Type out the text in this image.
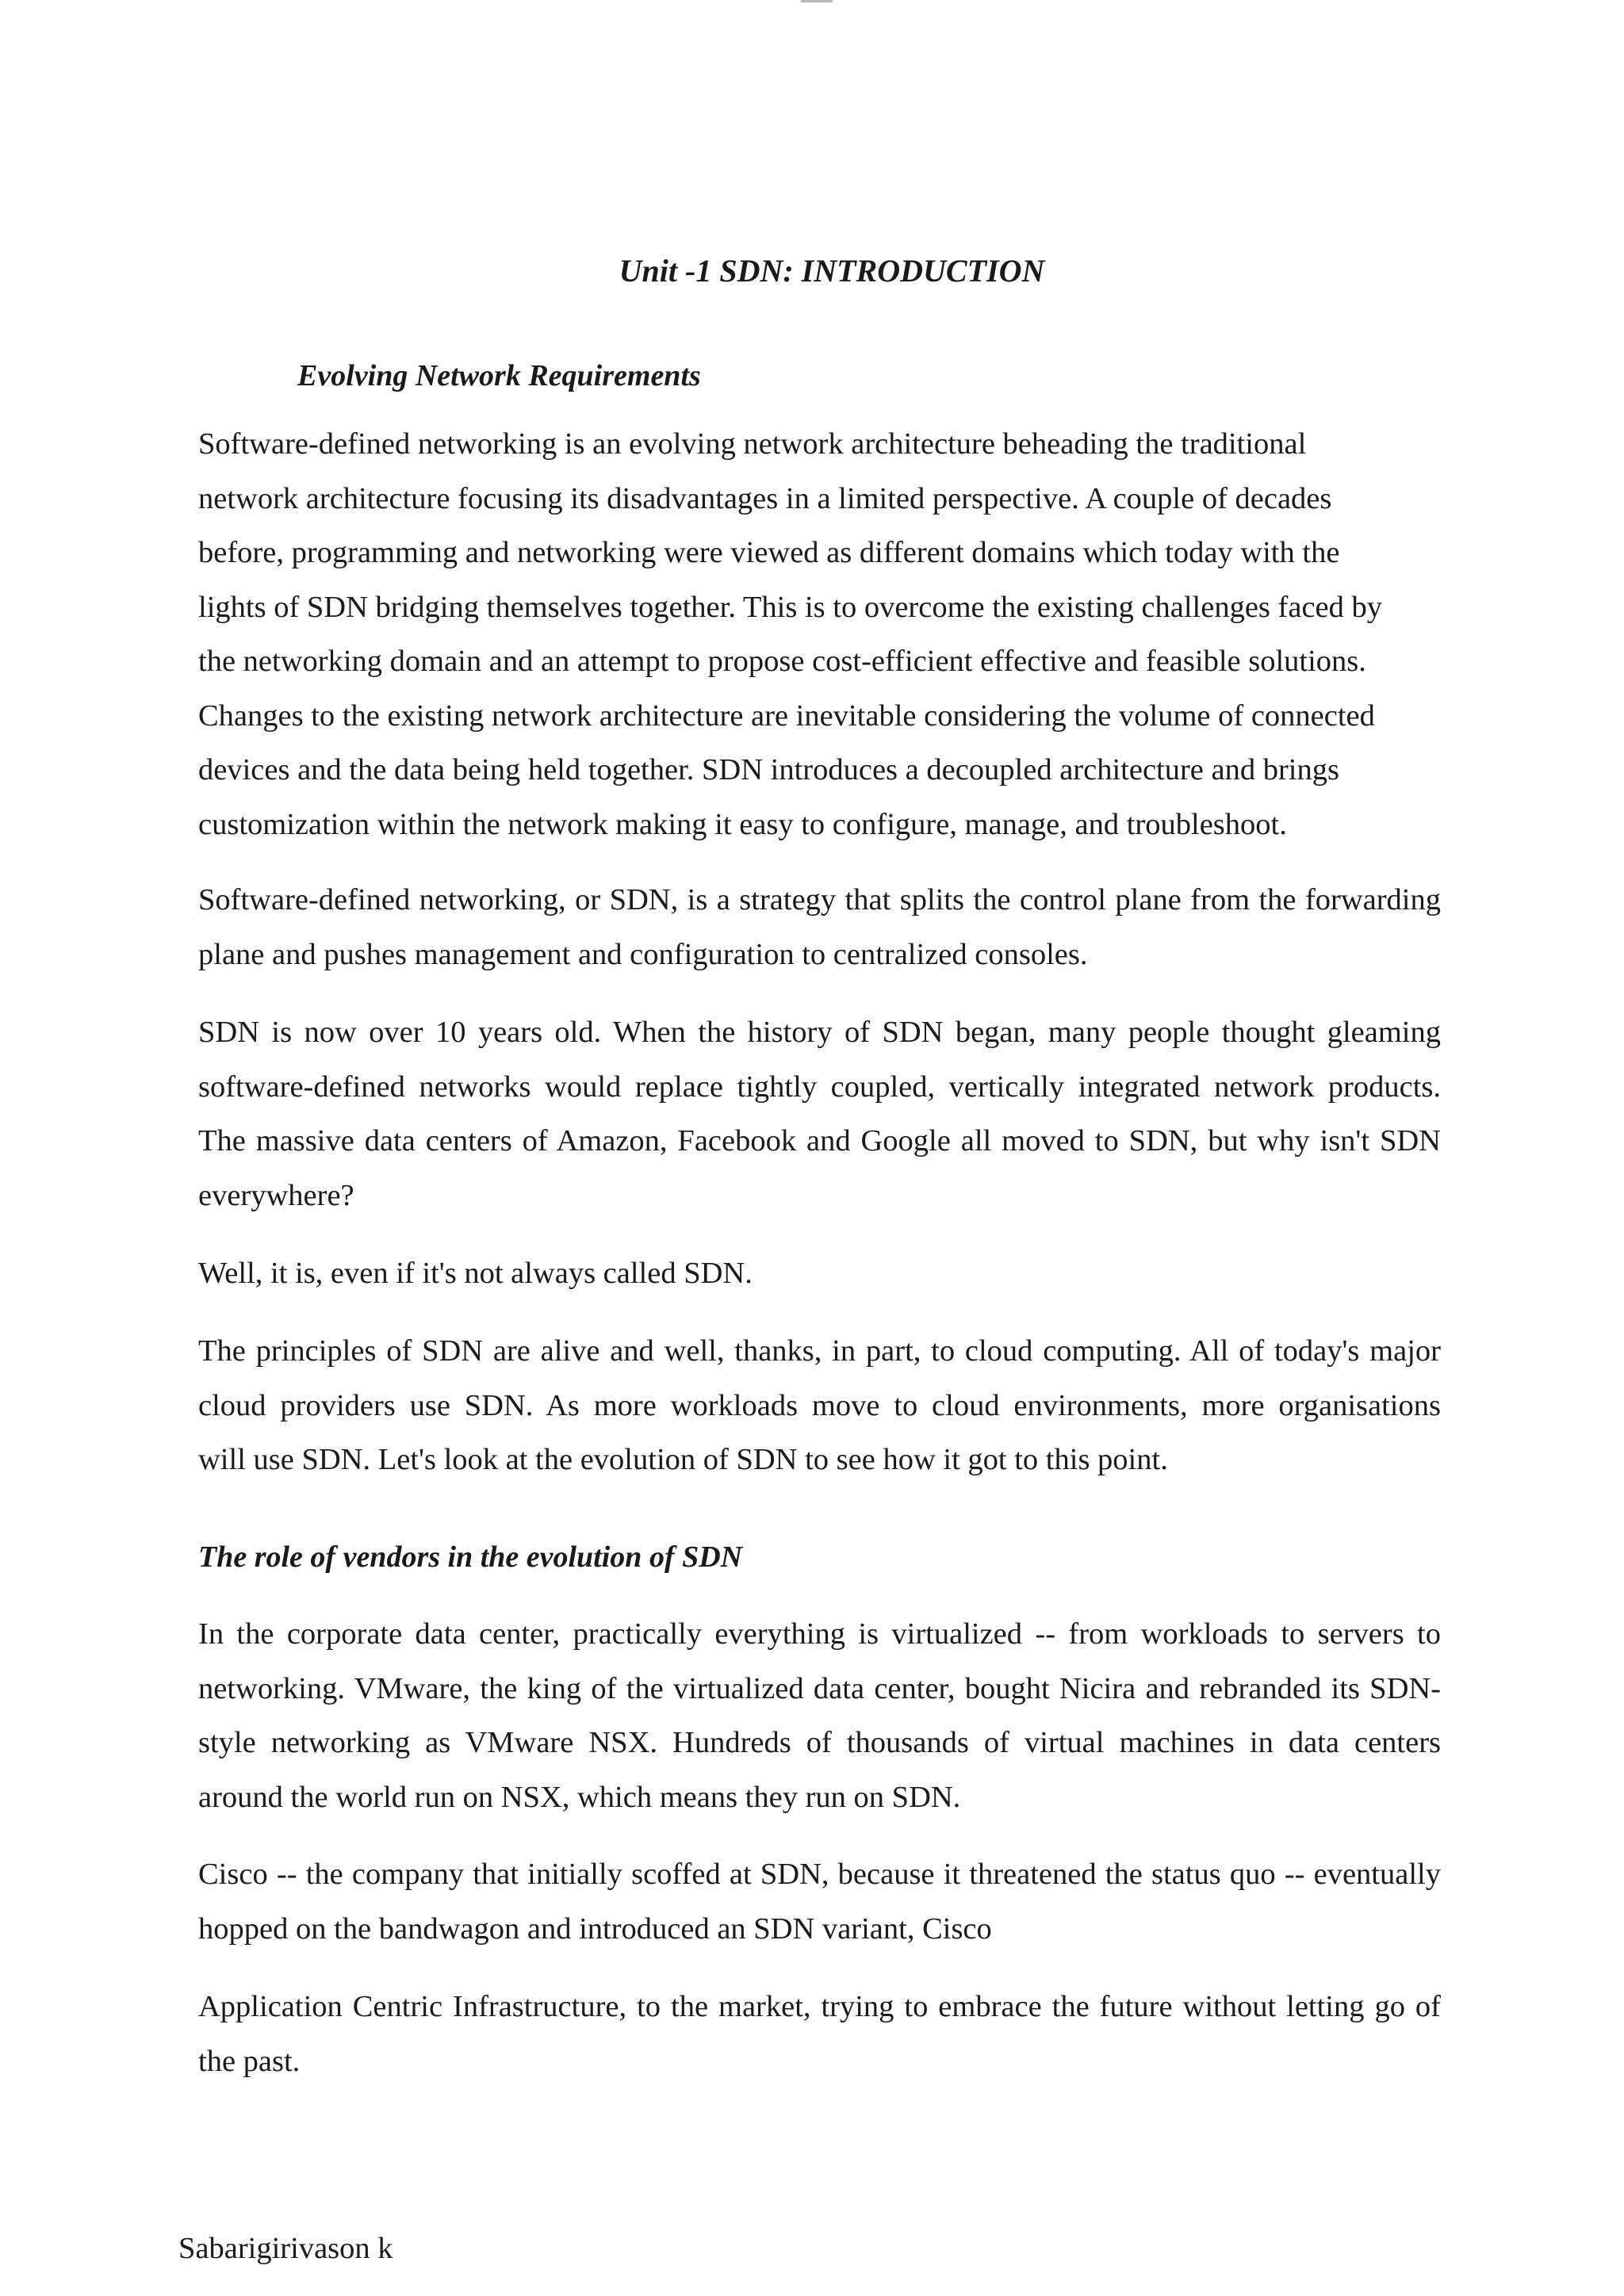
Unit -1 SDN: INTRODUCTION
Evolving Network Requirements

Software-defined networking is an evolving network architecture beheading the traditional
network architecture focusing its disadvantages in a limited perspective. A couple of decades
before, programming and networking were viewed as different domains which today with the
lights of SDN bridging themselves together. This is to overcome the existing challenges faced by
the networking domain and an attempt to propose cost-efficient effective and feasible solutions.
Changes to the existing network architecture are inevitable considering the volume of connected
devices and the data being held together. SDN introduces a decoupled architecture and brings
customization within the network making it easy to configure, manage, and troubleshoot.

Software-defined networking, or SDN, is a strategy that splits the control plane from the forwarding
plane and pushes management and configuration to centralized consoles.

SDN is now over 10 years old. When the history of SDN began, many people thought gleaming
software-defined networks would replace tightly coupled, vertically integrated network products.
The massive data centers of Amazon, Facebook and Google all moved to SDN, but why isn't SDN
everywhere?

Well, it is, even if it's not always called SDN.

The principles of SDN are alive and well, thanks, in part, to cloud computing. All of today's major
cloud providers use SDN. As more workloads move to cloud environments, more organisations
will use SDN. Let's look at the evolution of SDN to see how it got to this point.

The role of vendors in the evolution of SDN

In the corporate data center, practically everything is virtualized -- from workloads to servers to
networking. VMware, the king of the virtualized data center, bought Nicira and rebranded its SDN-
style networking as VMware NSX. Hundreds of thousands of virtual machines in data centers
around the world run on NSX, which means they run on SDN.

Cisco -- the company that initially scoffed at SDN, because it threatened the status quo -- eventually
hopped on the bandwagon and introduced an SDN variant, Cisco

Application Centric Infrastructure, to the market, trying to embrace the future without letting go of
the past.

Sabarigirivason k
